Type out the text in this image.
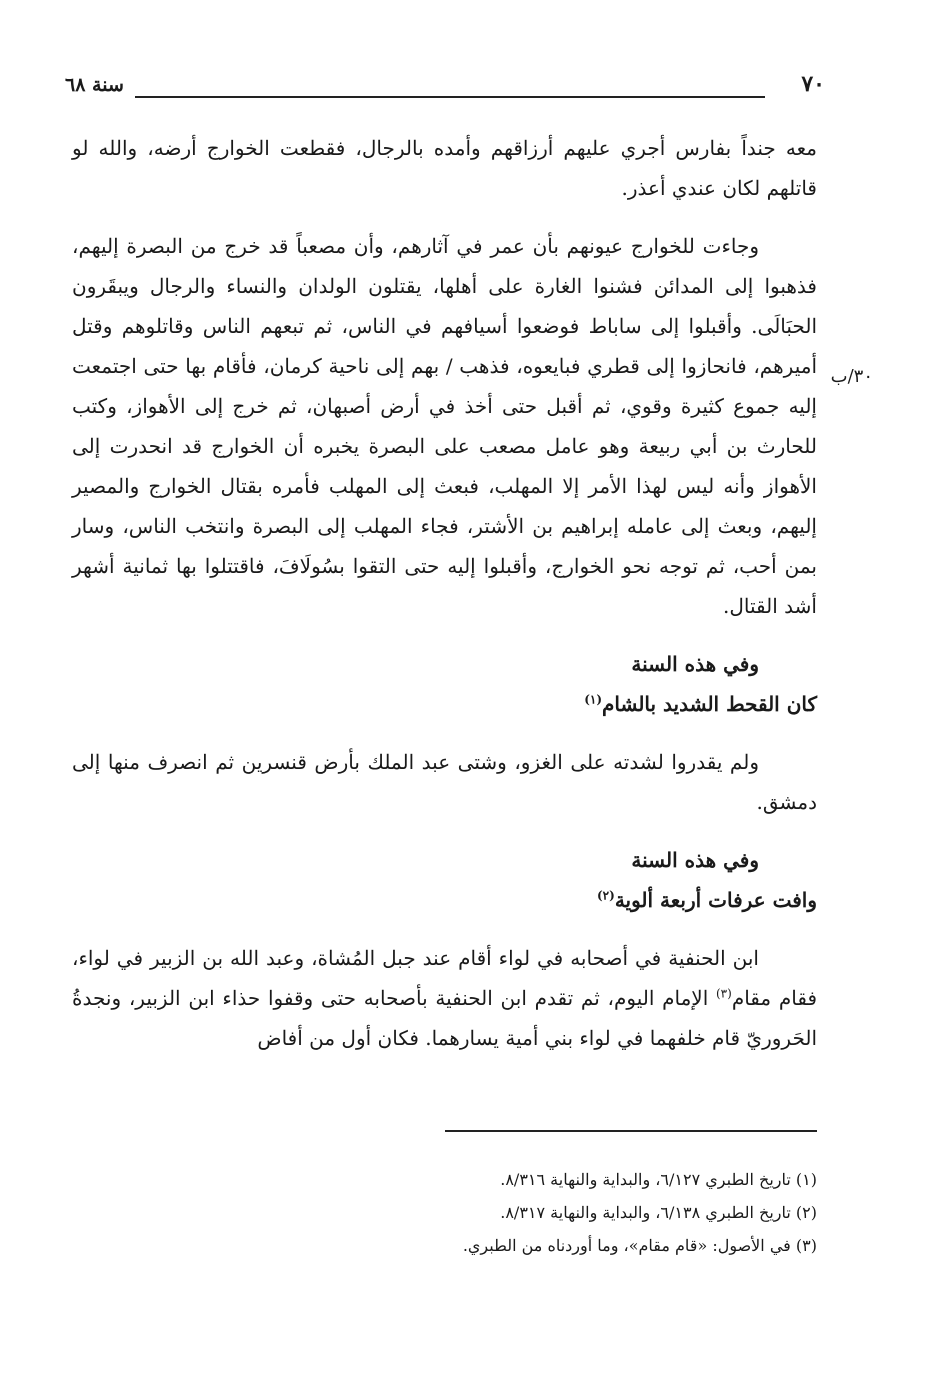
سنة ٦٨	٧٠
٣٠/ب

معه جنداً بفارس أجري عليهم أرزاقهم وأمده بالرجال، فقطعت الخوارج أرضه، والله لو قاتلهم لكان عندي أعذر.

وجاءت للخوارج عيونهم بأن عمر في آثارهم، وأن مصعباً قد خرج من البصرة إليهم، فذهبوا إلى المدائن فشنوا الغارة على أهلها، يقتلون الولدان والنساء والرجال ويبقَرون الحبَالَى. وأقبلوا إلى ساباط فوضعوا أسيافهم في الناس، ثم تبعهم الناس وقاتلوهم وقتل أميرهم، فانحازوا إلى قطري فبايعوه، فذهب / بهم إلى ناحية كرمان، فأقام بها حتى اجتمعت إليه جموع كثيرة وقوي، ثم أقبل حتى أخذ في أرض أصبهان، ثم خرج إلى الأهواز، وكتب للحارث بن أبي ربيعة وهو عامل مصعب على البصرة يخبره أن الخوارج قد انحدرت إلى الأهواز وأنه ليس لهذا الأمر إلا المهلب، فبعث إلى المهلب فأمره بقتال الخوارج والمصير إليهم، وبعث إلى عامله إبراهيم بن الأشتر، فجاء المهلب إلى البصرة وانتخب الناس، وسار بمن أحب، ثم توجه نحو الخوارج، وأقبلوا إليه حتى التقوا بسُولَافَ، فاقتتلوا بها ثمانية أشهر أشد القتال.

وفي هذه السنة

كان القحط الشديد بالشام$^{(١)}$

ولم يقدروا لشدته على الغزو، وشتى عبد الملك بأرض قنسرين ثم انصرف منها إلى دمشق.

وفي هذه السنة

وافت عرفات أربعة ألوية$^{(٢)}$

ابن الحنفية في أصحابه في لواء أقام عند جبل المُشاة، وعبد الله بن الزبير في لواء، فقام مقام$^{(٣)}$ الإمام اليوم، ثم تقدم ابن الحنفية بأصحابه حتى وقفوا حذاء ابن الزبير، ونجدةُ الحَروريّ قام خلفهما في لواء بني أمية يسارهما. فكان أول من أفاض

(١) تاريخ الطبري ٦/١٢٧، والبداية والنهاية ٨/٣١٦.

(٢) تاريخ الطبري ٦/١٣٨، والبداية والنهاية ٨/٣١٧.

(٣) في الأصول: «قام مقام»، وما أوردناه من الطبري.
